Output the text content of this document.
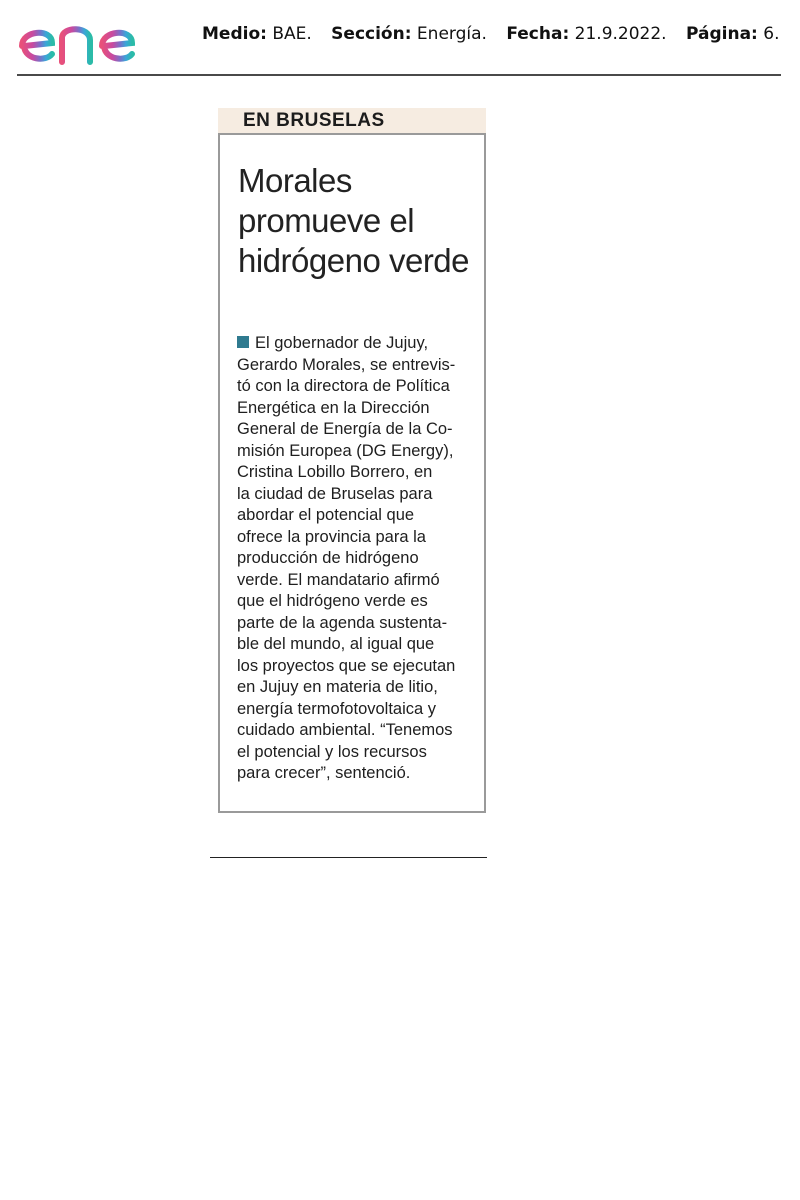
Medio: BAE. Sección: Energía. Fecha: 21.9.2022. Página: 6.
EN BRUSELAS
Morales
promueve el
hidrógeno verde
El gobernador de Jujuy,
Gerardo Morales, se entrevis-
tó con la directora de Política
Energética en la Dirección
General de Energía de la Co-
misión Europea (DG Energy),
Cristina Lobillo Borrero, en
la ciudad de Bruselas para
abordar el potencial que
ofrece la provincia para la
producción de hidrógeno
verde. El mandatario afirmó
que el hidrógeno verde es
parte de la agenda sustenta-
ble del mundo, al igual que
los proyectos que se ejecutan
en Jujuy en materia de litio,
energía termofotovoltaica y
cuidado ambiental. “Tenemos
el potencial y los recursos
para crecer”, sentenció.
